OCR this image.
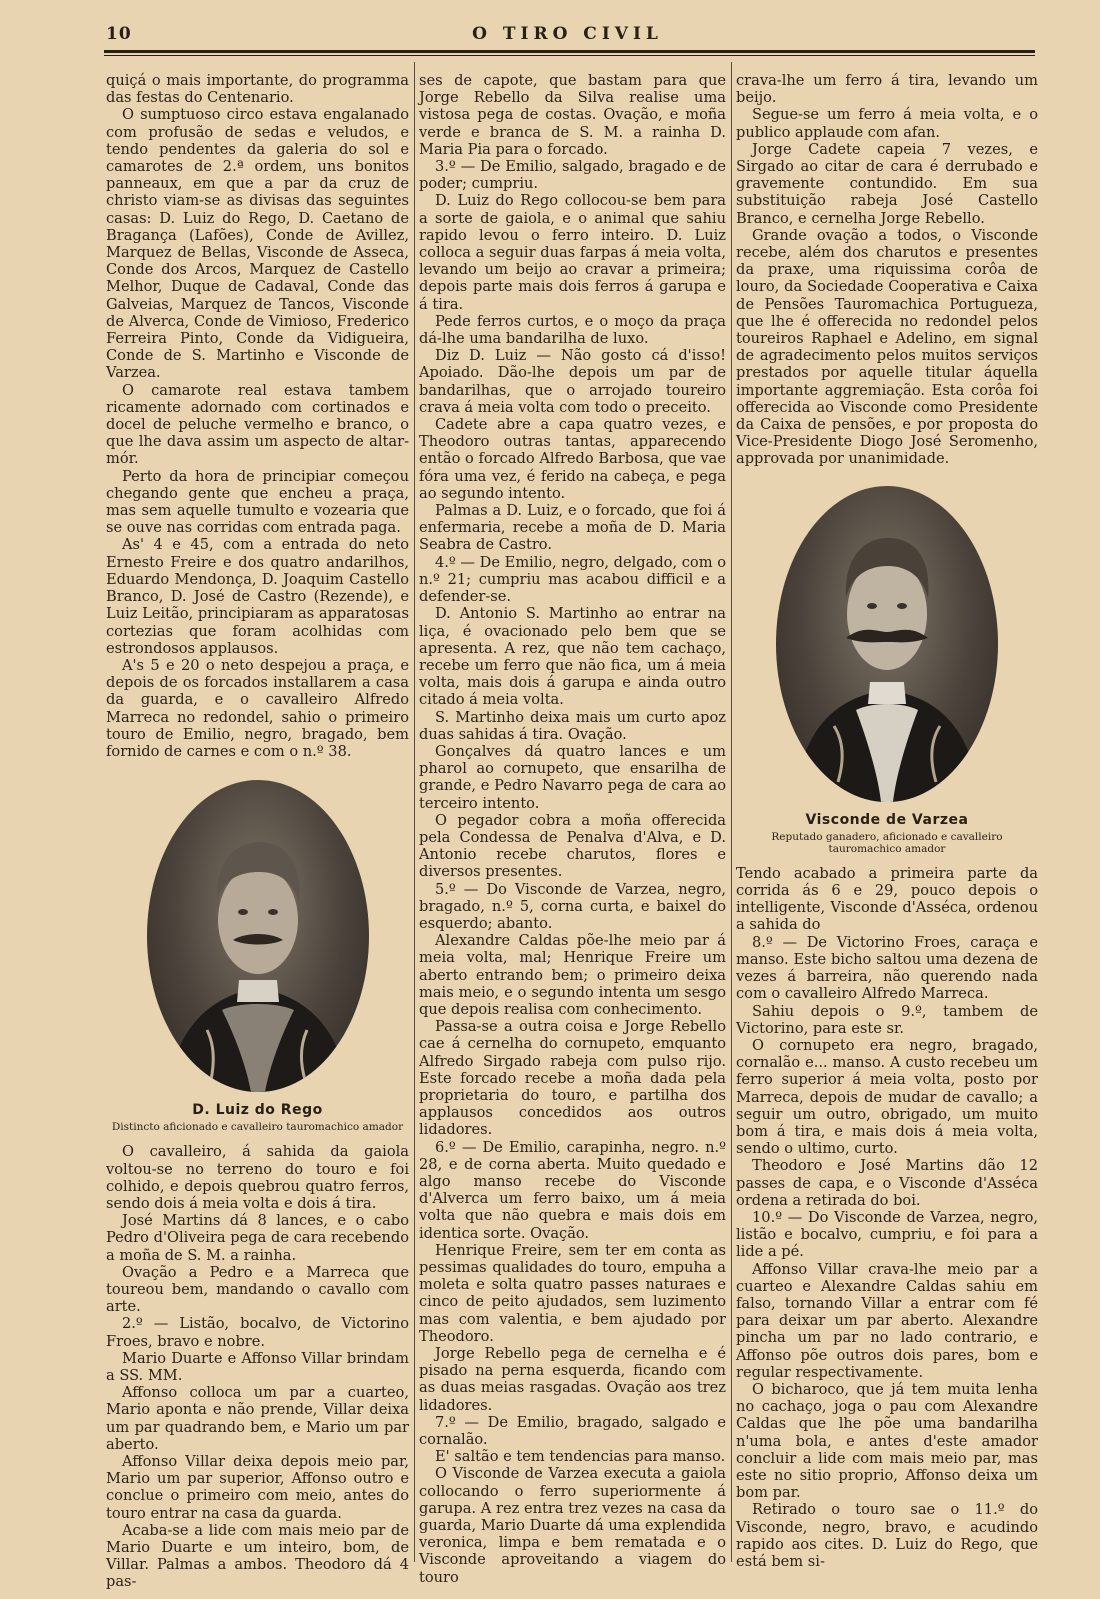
10	O TIRO CIVIL

quiçá o mais importante, do programma das festas do Centenario.

O sumptuoso circo estava engalanado com profusão de sedas e veludos, e tendo pendentes da galeria do sol e camarotes de 2.ª ordem, uns bonitos panneaux, em que a par da cruz de christo viam-se as divisas das seguintes casas: D. Luiz do Rego, D. Caetano de Bragança (Lafões), Conde de Avillez, Marquez de Bellas, Visconde de Asseca, Conde dos Arcos, Marquez de Castello Melhor, Duque de Cadaval, Conde das Galveias, Marquez de Tancos, Visconde de Alverca, Conde de Vimioso, Frederico Ferreira Pinto, Conde da Vidigueira, Conde de S. Martinho e Visconde de Varzea.

O camarote real estava tambem ricamente adornado com cortinados e docel de peluche vermelho e branco, o que lhe dava assim um aspecto de altar-mór.

Perto da hora de principiar começou chegando gente que encheu a praça, mas sem aquelle tumulto e vozearia que se ouve nas corridas com entrada paga.

As' 4 e 45, com a entrada do neto Ernesto Freire e dos quatro andarilhos, Eduardo Mendonça, D. Joaquim Castello Branco, D. José de Castro (Rezende), e Luiz Leitão, principiaram as apparatosas cortezias que foram acolhidas com estrondosos applausos.

A's 5 e 20 o neto despejou a praça, e depois de os forcados installarem a casa da guarda, e o cavalleiro Alfredo Marreca no redondel, sahio o primeiro touro de Emilio, negro, bragado, bem fornido de carnes e com o n.º 38.

D. Luiz do Rego
Distincto aficionado e cavalleiro tauromachico amador

O cavalleiro, á sahida da gaiola voltou-se no terreno do touro e foi colhido, e depois quebrou quatro ferros, sendo dois á meia volta e dois á tira.

José Martins dá 8 lances, e o cabo Pedro d'Oliveira pega de cara recebendo a moña de S. M. a rainha.

Ovação a Pedro e a Marreca que toureou bem, mandando o cavallo com arte.

2.º — Listão, bocalvo, de Victorino Froes, bravo e nobre.

Mario Duarte e Affonso Villar brindam a SS. MM.

Affonso colloca um par a cuarteo, Mario aponta e não prende, Villar deixa um par quadrando bem, e Mario um par aberto.

Affonso Villar deixa depois meio par, Mario um par superior, Affonso outro e conclue o primeiro com meio, antes do touro entrar na casa da guarda.

Acaba-se a lide com mais meio par de Mario Duarte e um inteiro, bom, de Villar. Palmas a ambos. Theodoro dá 4 pas-

ses de capote, que bastam para que Jorge Rebello da Silva realise uma vistosa pega de costas. Ovação, e moña verde e branca de S. M. a rainha D. Maria Pia para o forcado.

3.º — De Emilio, salgado, bragado e de poder; cumpriu.

D. Luiz do Rego collocou-se bem para a sorte de gaiola, e o animal que sahiu rapido levou o ferro inteiro. D. Luiz colloca a seguir duas farpas á meia volta, levando um beijo ao cravar a primeira; depois parte mais dois ferros á garupa e á tira.

Pede ferros curtos, e o moço da praça dá-lhe uma bandarilha de luxo.

Diz D. Luiz — Não gosto cá d'isso! Apoiado. Dão-lhe depois um par de bandarilhas, que o arrojado toureiro crava á meia volta com todo o preceito.

Cadete abre a capa quatro vezes, e Theodoro outras tantas, apparecendo então o forcado Alfredo Barbosa, que vae fóra uma vez, é ferido na cabeça, e pega ao segundo intento.

Palmas a D. Luiz, e o forcado, que foi á enfermaria, recebe a moña de D. Maria Seabra de Castro.

4.º — De Emilio, negro, delgado, com o n.º 21; cumpriu mas acabou difficil e a defender-se.

D. Antonio S. Martinho ao entrar na liça, é ovacionado pelo bem que se apresenta. A rez, que não tem cachaço, recebe um ferro que não fica, um á meia volta, mais dois á garupa e ainda outro citado á meia volta.

S. Martinho deixa mais um curto apoz duas sahidas á tira. Ovação.

Gonçalves dá quatro lances e um pharol ao cornupeto, que ensarilha de grande, e Pedro Navarro pega de cara ao terceiro intento.

O pegador cobra a moña offerecida pela Condessa de Penalva d'Alva, e D. Antonio recebe charutos, flores e diversos presentes.

5.º — Do Visconde de Varzea, negro, bragado, n.º 5, corna curta, e baixel do esquerdo; abanto.

Alexandre Caldas põe-lhe meio par á meia volta, mal; Henrique Freire um aberto entrando bem; o primeiro deixa mais meio, e o segundo intenta um sesgo que depois realisa com conhecimento.

Passa-se a outra coisa e Jorge Rebello cae á cernelha do cornupeto, emquanto Alfredo Sirgado rabeja com pulso rijo. Este forcado recebe a moña dada pela proprietaria do touro, e partilha dos applausos concedidos aos outros lidadores.

6.º — De Emilio, carapinha, negro. n.º 28, e de corna aberta. Muito quedado e algo manso recebe do Visconde d'Alverca um ferro baixo, um á meia volta que não quebra e mais dois em identica sorte. Ovação.

Henrique Freire, sem ter em conta as pessimas qualidades do touro, empuha a moleta e solta quatro passes naturaes e cinco de peito ajudados, sem luzimento mas com valentia, e bem ajudado por Theodoro.

Jorge Rebello pega de cernelha e é pisado na perna esquerda, ficando com as duas meias rasgadas. Ovação aos trez lidadores.

7.º — De Emilio, bragado, salgado e cornalão.

E' saltão e tem tendencias para manso.

O Visconde de Varzea executa a gaiola collocando o ferro superiormente á garupa. A rez entra trez vezes na casa da guarda, Mario Duarte dá uma explendida veronica, limpa e bem rematada e o Visconde aproveitando a viagem do touro

crava-lhe um ferro á tira, levando um beijo.

Segue-se um ferro á meia volta, e o publico applaude com afan.

Jorge Cadete capeia 7 vezes, e Sirgado ao citar de cara é derrubado e gravemente contundido. Em sua substituição rabeja José Castello Branco, e cernelha Jorge Rebello.

Grande ovação a todos, o Visconde recebe, além dos charutos e presentes da praxe, uma riquissima corôa de louro, da Sociedade Cooperativa e Caixa de Pensões Tauromachica Portugueza, que lhe é offerecida no redondel pelos toureiros Raphael e Adelino, em signal de agradecimento pelos muitos serviços prestados por aquelle titular áquella importante aggremiação. Esta corôa foi offerecida ao Visconde como Presidente da Caixa de pensões, e por proposta do Vice-Presidente Diogo José Seromenho, approvada por unanimidade.

Visconde de Varzea
Reputado ganadero, aficionado e cavalleiro
tauromachico amador

Tendo acabado a primeira parte da corrida ás 6 e 29, pouco depois o intelligente, Visconde d'Asséca, ordenou a sahida do

8.º — De Victorino Froes, caraça e manso. Este bicho saltou uma dezena de vezes á barreira, não querendo nada com o cavalleiro Alfredo Marreca.

Sahiu depois o 9.º, tambem de Victorino, para este sr.

O cornupeto era negro, bragado, cornalão e... manso. A custo recebeu um ferro superior á meia volta, posto por Marreca, depois de mudar de cavallo; a seguir um outro, obrigado, um muito bom á tira, e mais dois á meia volta, sendo o ultimo, curto.

Theodoro e José Martins dão 12 passes de capa, e o Visconde d'Asséca ordena a retirada do boi.

10.º — Do Visconde de Varzea, negro, listão e bocalvo, cumpriu, e foi para a lide a pé.

Affonso Villar crava-lhe meio par a cuarteo e Alexandre Caldas sahiu em falso, tornando Villar a entrar com fé para deixar um par aberto. Alexandre pincha um par no lado contrario, e Affonso põe outros dois pares, bom e regular respectivamente.

O bicharoco, que já tem muita lenha no cachaço, joga o pau com Alexandre Caldas que lhe põe uma bandarilha n'uma bola, e antes d'este amador concluir a lide com mais meio par, mas este no sitio proprio, Affonso deixa um bom par.

Retirado o touro sae o 11.º do Visconde, negro, bravo, e acudindo rapido aos cites. D. Luiz do Rego, que está bem si-
